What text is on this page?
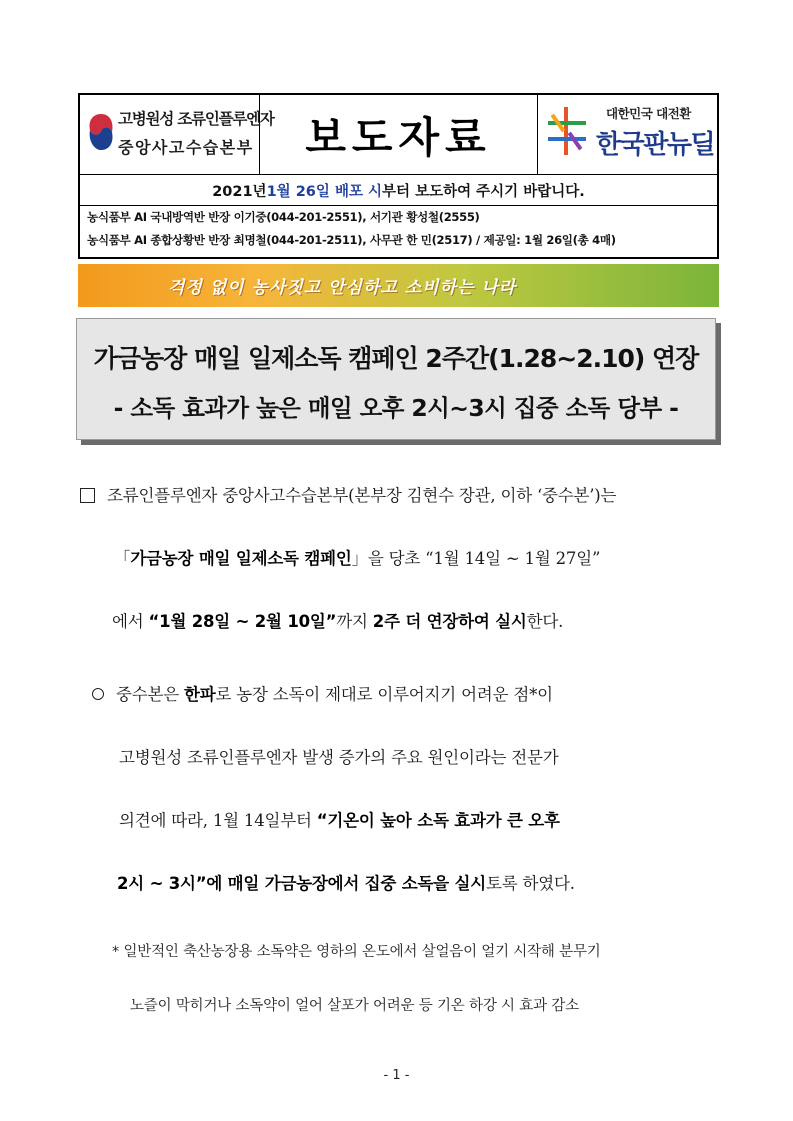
고병원성 조류인플루엔자
중앙사고수습본부 보도자료	대한민국 대전환
한국판뉴딜
2021년 1월 26일 배포 시 부터 보도하여 주시기 바랍니다.
농식품부 AI 국내방역반 반장 이기중(044-201-2551), 서기관 황성철(2555)
농식품부 AI 종합상황반 반장 최명철(044-201-2511), 사무관 한 민(2517) / 제공일: 1월 26일(총 4매)
걱정 없이 농사짓고 안심하고 소비하는 나라
가금농장 매일 일제소독 캠페인 2주간(1.28~2.10) 연장
- 소독 효과가 높은 매일 오후 2시~3시 집중 소독 당부 -
조류인플루엔자 중앙사고수습본부(본부장 김현수 장관, 이하 ‘중수본’)는
「가금농장 매일 일제소독 캠페인」을 당초 “1월 14일 ~ 1월 27일”
에서 “1월 28일 ~ 2월 10일”까지 2주 더 연장하여 실시한다.
중수본은 한파로 농장 소독이 제대로 이루어지기 어려운 점*이
고병원성 조류인플루엔자 발생 증가의 주요 원인이라는 전문가
의견에 따라, 1월 14일부터 “기온이 높아 소독 효과가 큰 오후
2시 ~ 3시”에 매일 가금농장에서 집중 소독을 실시토록 하였다.
* 일반적인 축산농장용 소독약은 영하의 온도에서 살얼음이 얼기 시작해 분무기
노즐이 막히거나 소독약이 얼어 살포가 어려운 등 기온 하강 시 효과 감소
- 1 -
